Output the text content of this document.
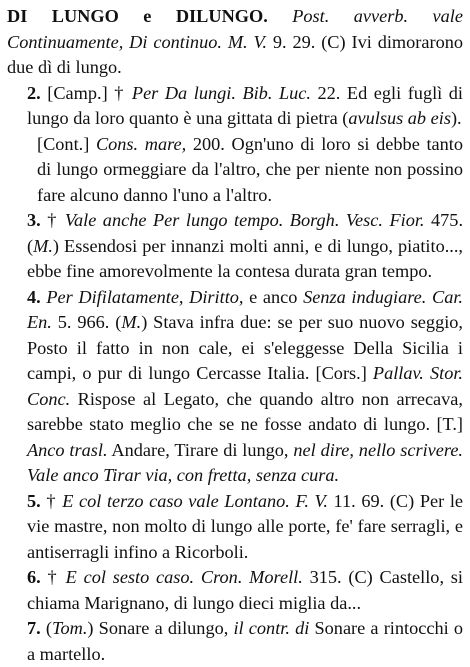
DI LUNGO e DILUNGO. Post. avverb. vale Continuamente, Di continuo. M. V. 9. 29. (C) Ivi dimorarono due dì di lungo.

2. [Camp.] † Per Da lungi. Bib. Luc. 22. Ed egli fuglì di lungo da loro quanto è una gittata di pietra (avulsus ab eis).

[Cont.] Cons. mare, 200. Ogn'uno di loro si debbe tanto di lungo ormeggiare da l'altro, che per niente non possino fare alcuno danno l'uno a l'altro.

3. † Vale anche Per lungo tempo. Borgh. Vesc. Fior. 475. (M.) Essendosi per innanzi molti anni, e di lungo, piatito..., ebbe fine amorevolmente la contesa durata gran tempo.

4. Per Difilatamente, Diritto, e anco Senza indugiare. Car. En. 5. 966. (M.) Stava infra due: se per suo nuovo seggio, Posto il fatto in non cale, ei s'eleggesse Della Sicilia i campi, o pur di lungo Cercasse Italia. [Cors.] Pallav. Stor. Conc. Rispose al Legato, che quando altro non arrecava, sarebbe stato meglio che se ne fosse andato di lungo. [T.] Anco trasl. Andare, Tirare di lungo, nel dire, nello scrivere. Vale anco Tirar via, con fretta, senza cura.

5. † E col terzo caso vale Lontano. F. V. 11. 69. (C) Per le vie mastre, non molto di lungo alle porte, fe' fare serragli, e antiserragli infino a Ricorboli.

6. † E col sesto caso. Cron. Morell. 315. (C) Castello, si chiama Marignano, di lungo dieci miglia da...

7. (Tom.) Sonare a dilungo, il contr. di Sonare a rintocchi o a martello.
